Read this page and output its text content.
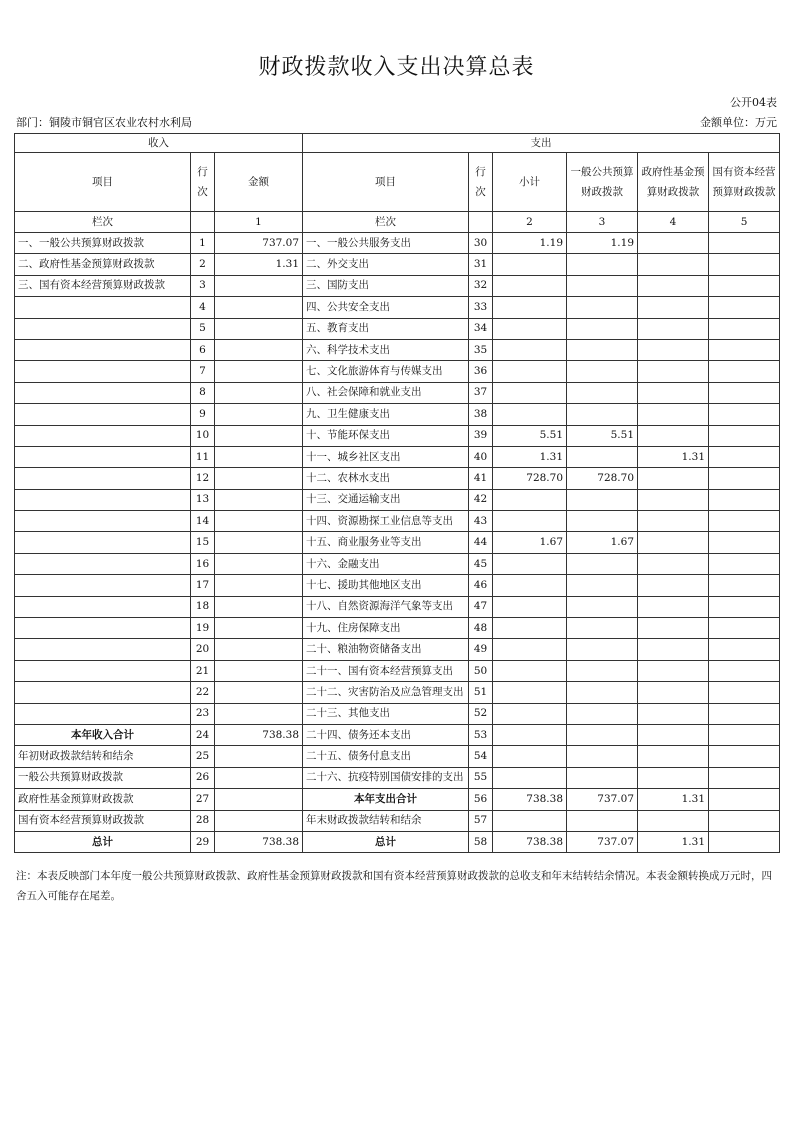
财政拨款收入支出决算总表
公开04表
部门：铜陵市铜官区农业农村水利局	金额单位：万元
收入			支出					
项目	行次	金额	项目	行次	小计	一般公共预算财政拨款	政府性基金预算财政拨款	国有资本经营预算财政拨款
栏次		1	栏次		2	3	4	5
一、一般公共预算财政拨款	1	737.07	一、一般公共服务支出	30	1.19	1.19		
二、政府性基金预算财政拨款	2	1.31	二、外交支出	31				
三、国有资本经营预算财政拨款	3		三、国防支出	32				
	4		四、公共安全支出	33				
	5		五、教育支出	34				
	6		六、科学技术支出	35				
	7		七、文化旅游体育与传媒支出	36				
	8		八、社会保障和就业支出	37				
	9		九、卫生健康支出	38				
	10		十、节能环保支出	39	5.51	5.51		
	11		十一、城乡社区支出	40	1.31		1.31	
	12		十二、农林水支出	41	728.70	728.70		
	13		十三、交通运输支出	42				
	14		十四、资源勘探工业信息等支出	43				
	15		十五、商业服务业等支出	44	1.67	1.67		
	16		十六、金融支出	45				
	17		十七、援助其他地区支出	46				
	18		十八、自然资源海洋气象等支出	47				
	19		十九、住房保障支出	48				
	20		二十、粮油物资储备支出	49				
	21		二十一、国有资本经营预算支出	50				
	22		二十二、灾害防治及应急管理支出	51				
	23		二十三、其他支出	52				
本年收入合计	24	738.38	二十四、债务还本支出	53				
年初财政拨款结转和结余	25		二十五、债务付息支出	54				
一般公共预算财政拨款	26		二十六、抗疫特别国债安排的支出	55				
政府性基金预算财政拨款	27		本年支出合计	56	738.38	737.07	1.31	
国有资本经营预算财政拨款	28		年末财政拨款结转和结余	57				
总计	29	738.38	总计	58	738.38	737.07	1.31	
注：本表反映部门本年度一般公共预算财政拨款、政府性基金预算财政拨款和国有资本经营预算财政拨款的总收支和年末结转结余情况。本表金额转换成万元时，四舍五入可能存在尾差。
